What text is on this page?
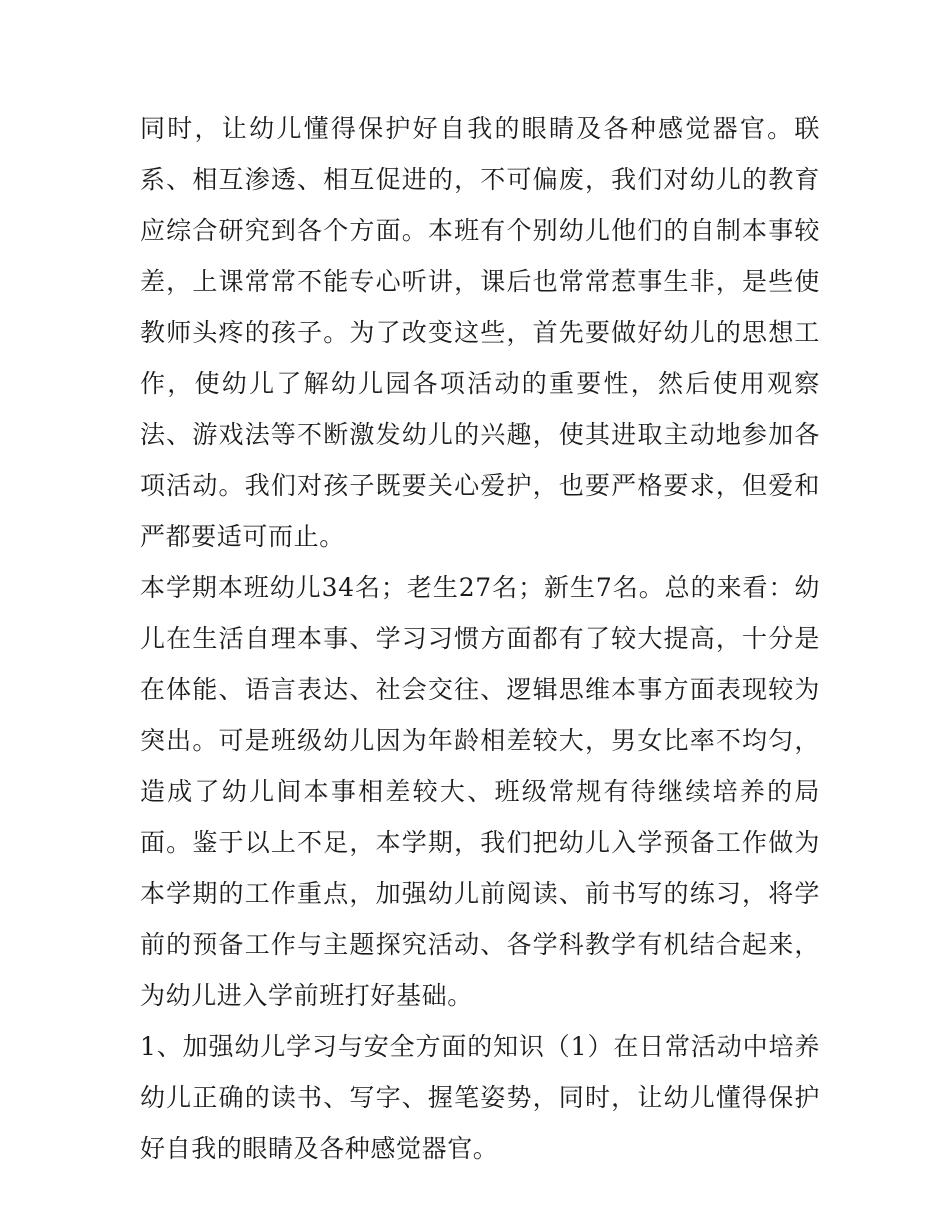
同时，让幼儿懂得保护好自我的眼睛及各种感觉器官。联系、相互渗透、相互促进的，不可偏废，我们对幼儿的教育应综合研究到各个方面。本班有个别幼儿他们的自制本事较差，上课常常不能专心听讲，课后也常常惹事生非，是些使教师头疼的孩子。为了改变这些，首先要做好幼儿的思想工作，使幼儿了解幼儿园各项活动的重要性，然后使用观察法、游戏法等不断激发幼儿的兴趣，使其进取主动地参加各项活动。我们对孩子既要关心爱护，也要严格要求，但爱和严都要适可而止。

本学期本班幼儿34名；老生27名；新生7名。总的来看：幼儿在生活自理本事、学习习惯方面都有了较大提高，十分是在体能、语言表达、社会交往、逻辑思维本事方面表现较为突出。可是班级幼儿因为年龄相差较大，男女比率不均匀，造成了幼儿间本事相差较大、班级常规有待继续培养的局面。鉴于以上不足，本学期，我们把幼儿入学预备工作做为本学期的工作重点，加强幼儿前阅读、前书写的练习，将学前的预备工作与主题探究活动、各学科教学有机结合起来，为幼儿进入学前班打好基础。

1、加强幼儿学习与安全方面的知识（1）在日常活动中培养幼儿正确的读书、写字、握笔姿势，同时，让幼儿懂得保护好自我的眼睛及各种感觉器官。
